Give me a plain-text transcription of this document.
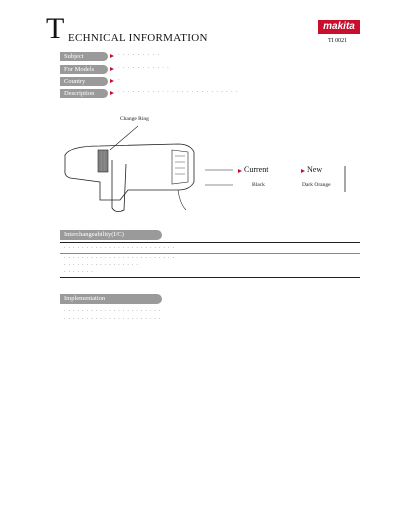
T ECHNICAL INFORMATION
makita
TI 0021
Subject	· · · · · · · · ·
For Models	· · · · · · · · · · ·
Country	·
Description	· · · · · · · · · · · · · · · · · · · · · · · · ·
Change Ring
Current	New
Black	Dark Orange
Interchangeability(I/C)
· · · · · · · · · · · · · · · · · · · · · · · · ·
· · · · · · · · · · · · · · · · · · · · · · · · ·
· · · · · · · · · · · · · · · · ·
· · · · · · ·
Implementation
· · · · · · · · · · · · · · · · · · · · · ·
· · · · · · · · · · · · · · · · · · · · · ·
